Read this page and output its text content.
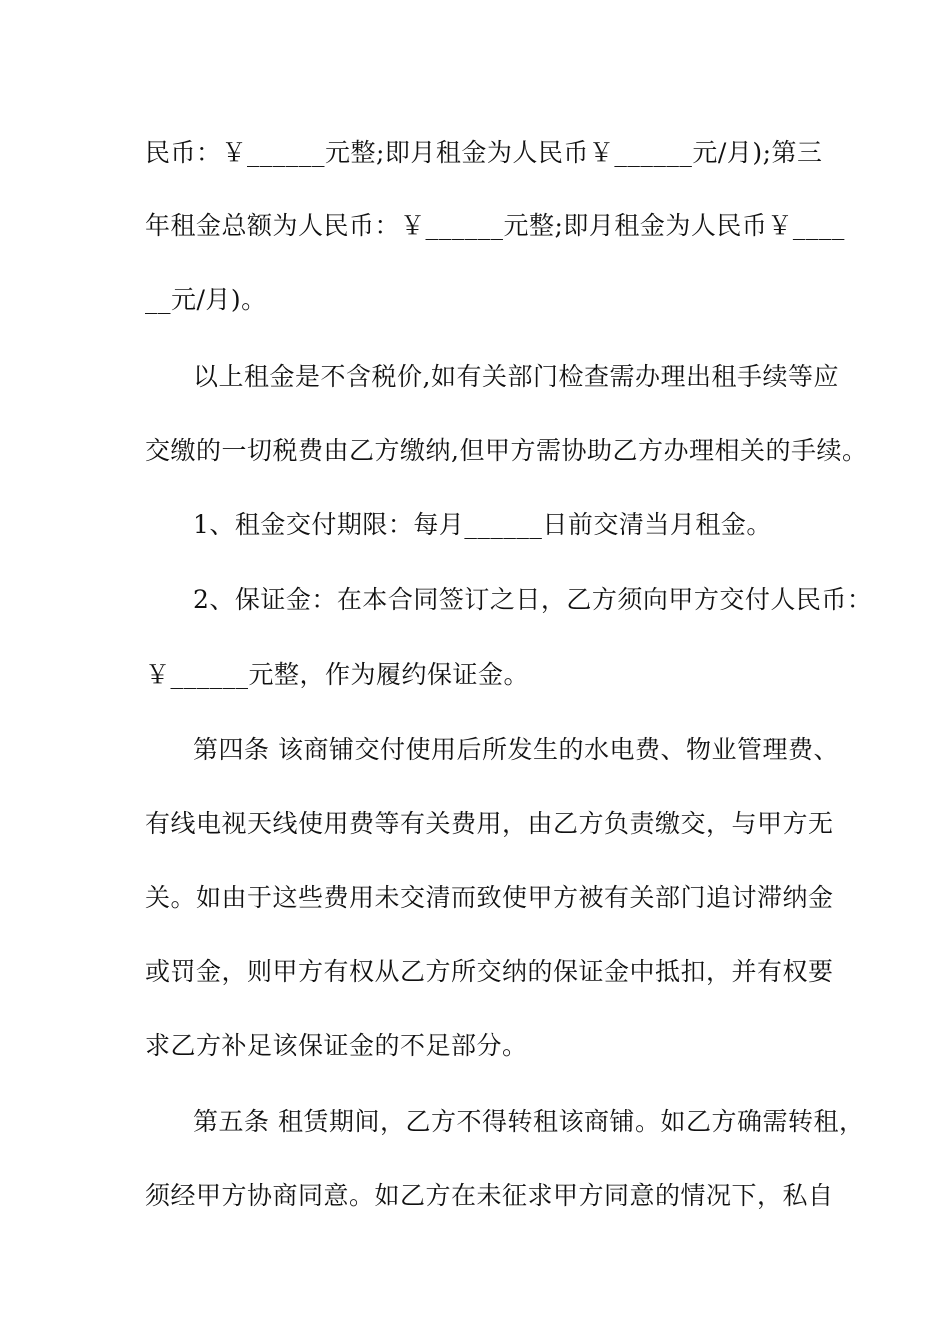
民币：￥______元整;即月租金为人民币￥______元/月);第三
年租金总额为人民币：￥______元整;即月租金为人民币￥____
__元/月)。
以上租金是不含税价,如有关部门检查需办理出租手续等应
交缴的一切税费由乙方缴纳,但甲方需协助乙方办理相关的手续。
1、租金交付期限：每月______日前交清当月租金。
2、保证金：在本合同签订之日，乙方须向甲方交付人民币：
￥______元整，作为履约保证金。
第四条 该商铺交付使用后所发生的水电费、物业管理费、
有线电视天线使用费等有关费用，由乙方负责缴交，与甲方无
关。如由于这些费用未交清而致使甲方被有关部门追讨滞纳金
或罚金，则甲方有权从乙方所交纳的保证金中抵扣，并有权要
求乙方补足该保证金的不足部分。
第五条 租赁期间，乙方不得转租该商铺。如乙方确需转租，
须经甲方协商同意。如乙方在未征求甲方同意的情况下，私自
